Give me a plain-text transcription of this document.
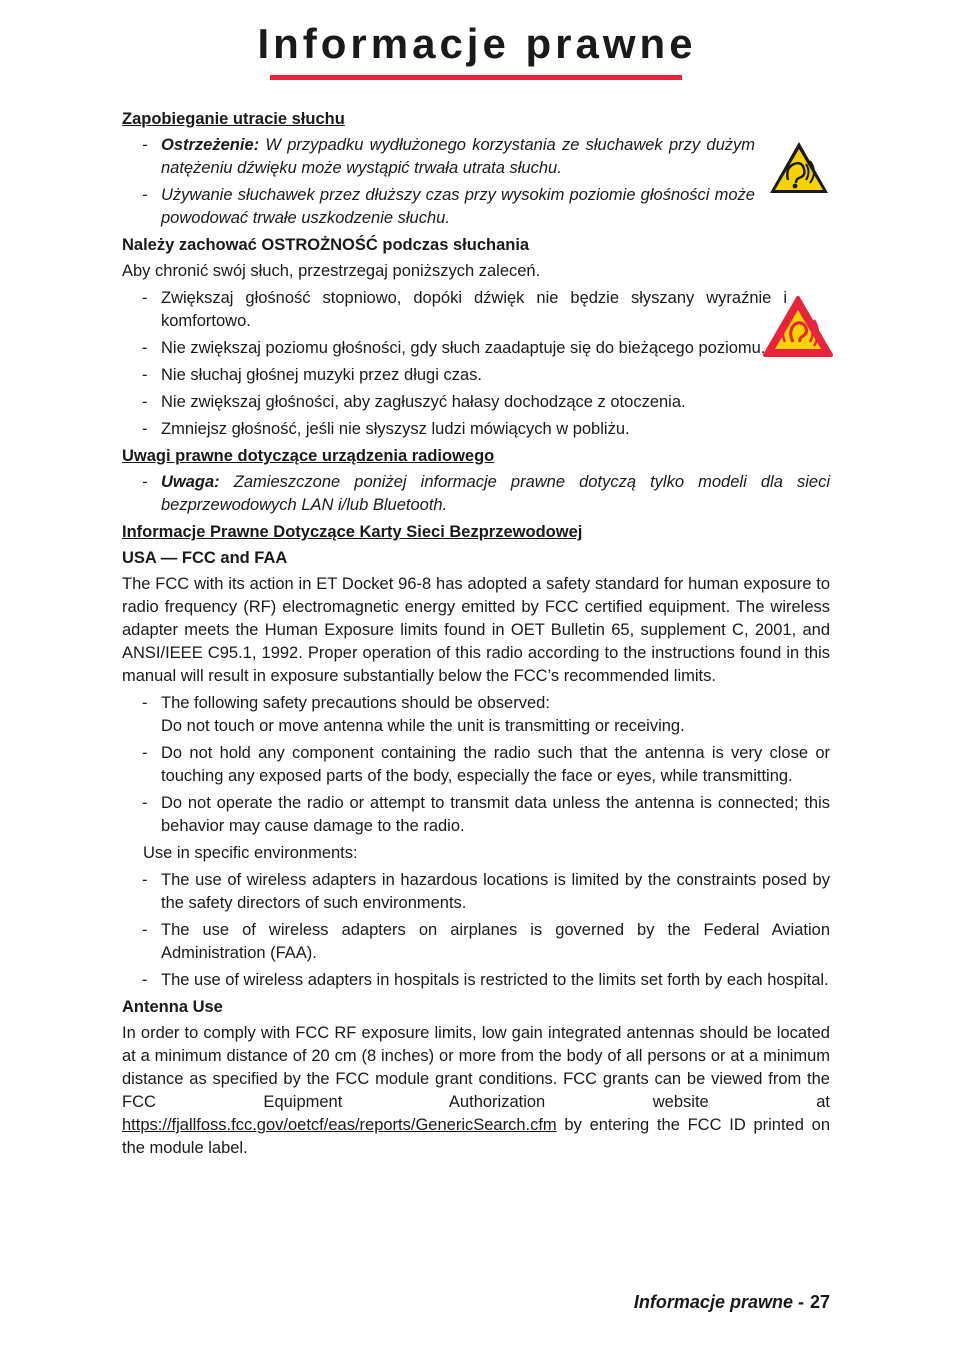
Informacje prawne
Zapobieganie utracie słuchu
- Ostrzeżenie: W przypadku wydłużonego korzystania ze słuchawek przy dużym natężeniu dźwięku może wystąpić trwała utrata słuchu.
- Używanie słuchawek przez dłuższy czas przy wysokim poziomie głośności może powodować trwałe uszkodzenie słuchu.
Należy zachować OSTROŻNOŚĆ podczas słuchania
Aby chronić swój słuch, przestrzegaj poniższych zaleceń.
- Zwiększaj głośność stopniowo, dopóki dźwięk nie będzie słyszany wyraźnie i komfortowo.
- Nie zwiększaj poziomu głośności, gdy słuch zaadaptuje się do bieżącego poziomu.
- Nie słuchaj głośnej muzyki przez długi czas.
- Nie zwiększaj głośności, aby zagłuszyć hałasy dochodzące z otoczenia.
- Zmniejsz głośność, jeśli nie słyszysz ludzi mówiących w pobliżu.
Uwagi prawne dotyczące urządzenia radiowego
- Uwaga: Zamieszczone poniżej informacje prawne dotyczą tylko modeli dla sieci bezprzewodowych LAN i/lub Bluetooth.
Informacje Prawne Dotyczące Karty Sieci Bezprzewodowej
USA — FCC and FAA
The FCC with its action in ET Docket 96-8 has adopted a safety standard for human exposure to radio frequency (RF) electromagnetic energy emitted by FCC certified equipment. The wireless adapter meets the Human Exposure limits found in OET Bulletin 65, supplement C, 2001, and ANSI/IEEE C95.1, 1992. Proper operation of this radio according to the instructions found in this manual will result in exposure substantially below the FCC’s recommended limits.
- The following safety precautions should be observed:
Do not touch or move antenna while the unit is transmitting or receiving.
- Do not hold any component containing the radio such that the antenna is very close or touching any exposed parts of the body, especially the face or eyes, while transmitting.
- Do not operate the radio or attempt to transmit data unless the antenna is connected; this behavior may cause damage to the radio.
Use in specific environments:
- The use of wireless adapters in hazardous locations is limited by the constraints posed by the safety directors of such environments.
- The use of wireless adapters on airplanes is governed by the Federal Aviation Administration (FAA).
- The use of wireless adapters in hospitals is restricted to the limits set forth by each hospital.
Antenna Use
In order to comply with FCC RF exposure limits, low gain integrated antennas should be located at a minimum distance of 20 cm (8 inches) or more from the body of all persons or at a minimum distance as specified by the FCC module grant conditions. FCC grants can be viewed from the FCC Equipment Authorization website at https://fjallfoss.fcc.gov/oetcf/eas/reports/GenericSearch.cfm by entering the FCC ID printed on the module label.
Informacje prawne - 27
